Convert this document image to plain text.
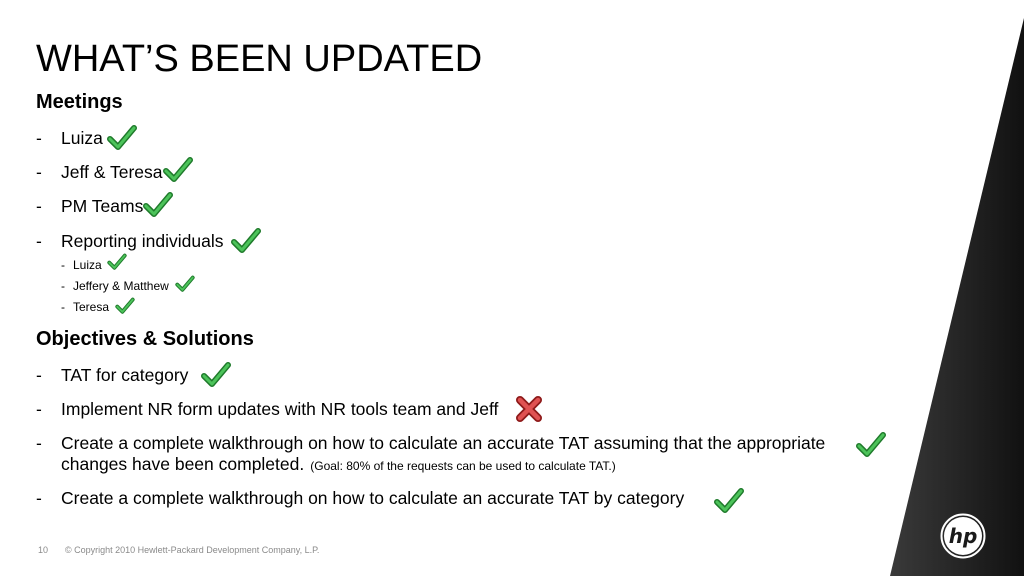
WHAT’S BEEN UPDATED
Meetings
- Luiza
- Jeff & Teresa
- PM Teams
- Reporting individuals
- Luiza
- Jeffery & Matthew
- Teresa
Objectives & Solutions
- TAT for category
- Implement NR form updates with NR tools team and Jeff
- Create a complete walkthrough on how to calculate an accurate TAT assuming that the appropriate changes have been completed. (Goal: 80% of the requests can be used to calculate TAT.)
- Create a complete walkthrough on how to calculate an accurate TAT by category
10 © Copyright 2010 Hewlett-Packard Development Company, L.P.
hp
